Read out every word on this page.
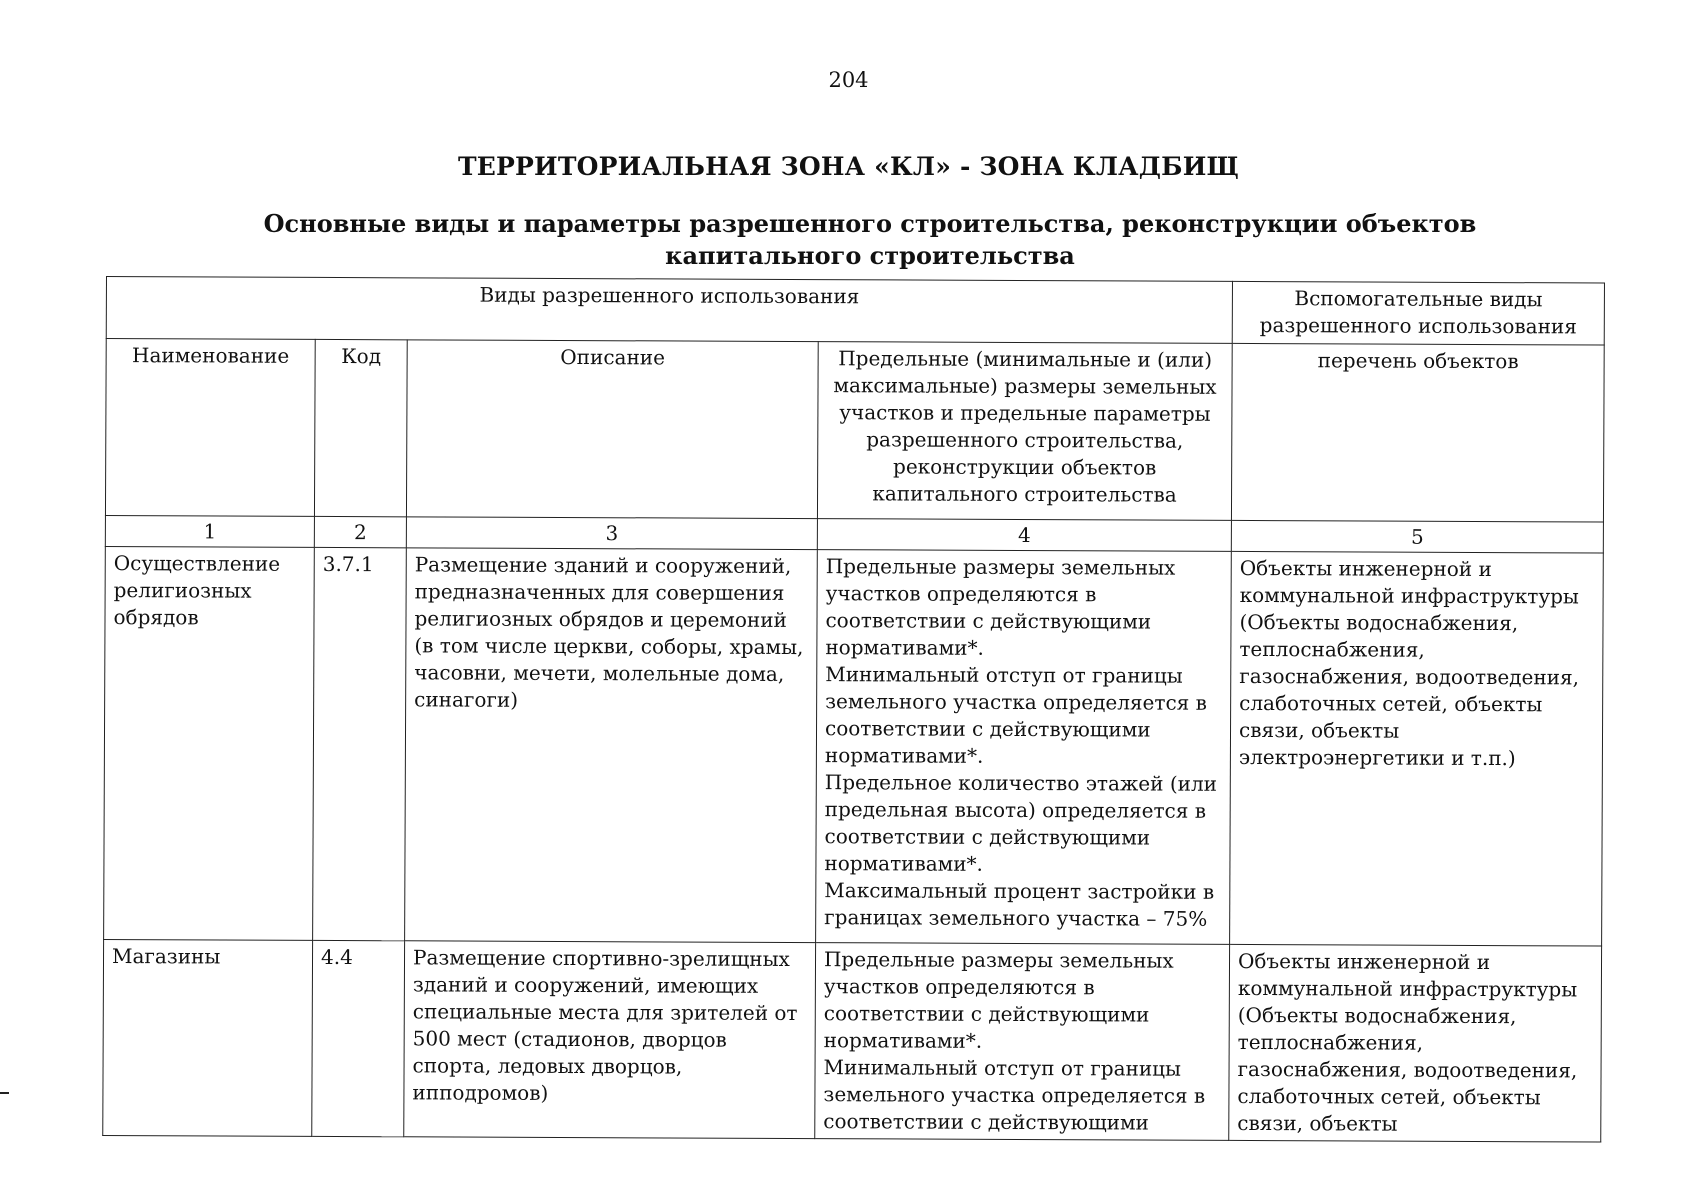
204
ТЕРРИТОРИАЛЬНАЯ ЗОНА «КЛ» - ЗОНА КЛАДБИЩ
Основные виды и параметры разрешенного строительства, реконструкции объектов капитального строительства
Виды разрешенного использования				Вспомогательные виды разрешенного использования
Наименование	Код	Описание	Предельные (минимальные и (или) максимальные) размеры земельных участков и предельные параметры разрешенного строительства, реконструкции объектов капитального строительства	перечень объектов
1	2	3	4	5
Осуществление религиозных обрядов	3.7.1	Размещение зданий и сооружений, предназначенных для совершения религиозных обрядов и церемоний (в том числе церкви, соборы, храмы, часовни, мечети, молельные дома, синагоги)	Предельные размеры земельных участков определяются в соответствии с действующими нормативами*.
Минимальный отступ от границы земельного участка определяется в соответствии с действующими нормативами*.
Предельное количество этажей (или предельная высота) определяется в соответствии с действующими нормативами*.
Максимальный процент застройки в границах земельного участка – 75%	Объекты инженерной и коммунальной инфраструктуры (Объекты водоснабжения, теплоснабжения, газоснабжения, водоотведения, слаботочных сетей, объекты связи, объекты электроэнергетики и т.п.)
Магазины	4.4	Размещение спортивно-зрелищных зданий и сооружений, имеющих специальные места для зрителей от 500 мест (стадионов, дворцов спорта, ледовых дворцов, ипподромов)	Предельные размеры земельных участков определяются в соответствии с действующими нормативами*.
Минимальный отступ от границы земельного участка определяется в соответствии с действующими	Объекты инженерной и коммунальной инфраструктуры (Объекты водоснабжения, теплоснабжения, газоснабжения, водоотведения, слаботочных сетей, объекты связи, объекты
